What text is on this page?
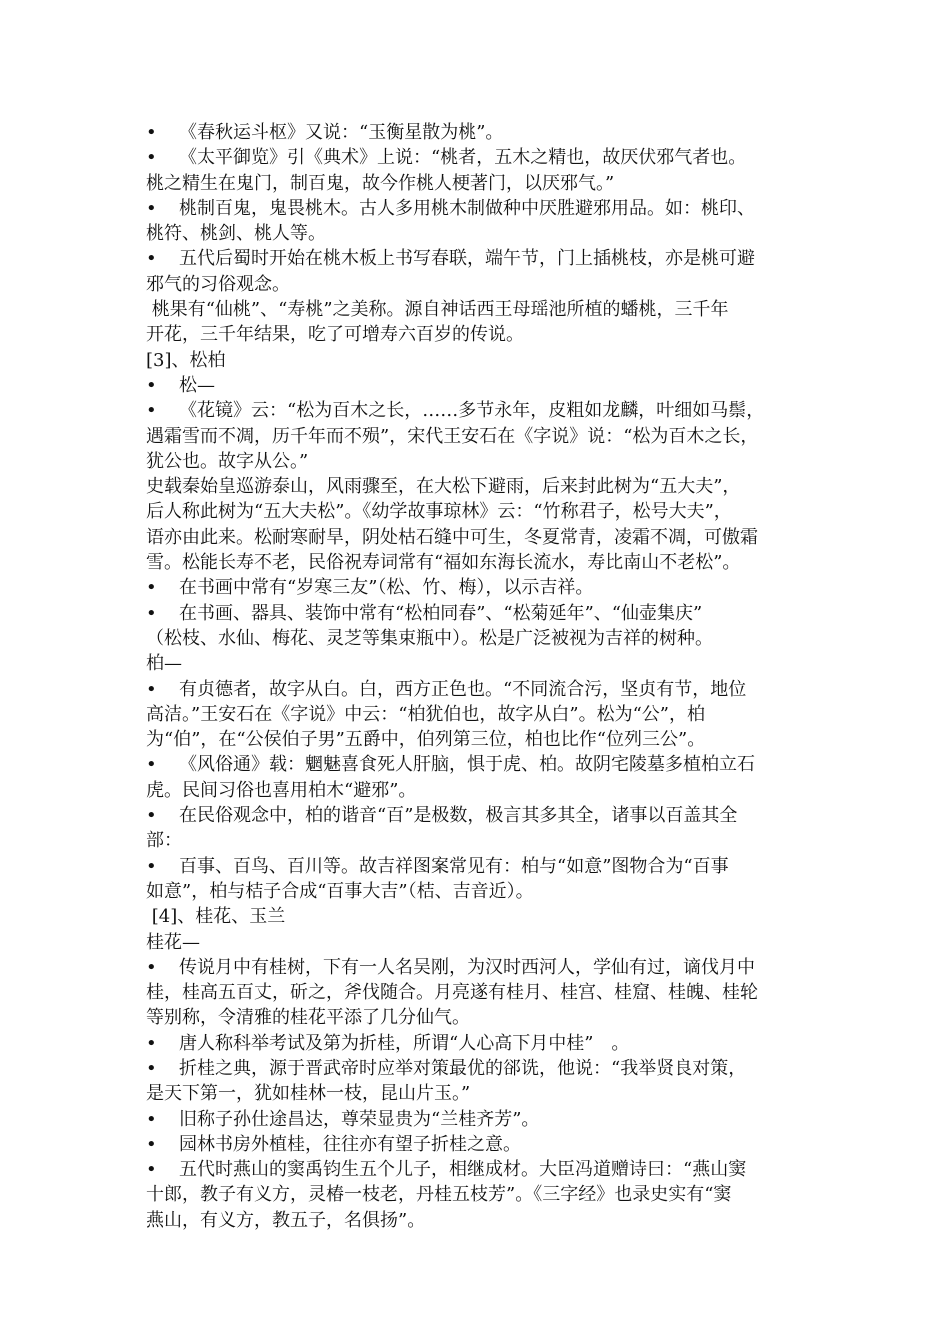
• 《春秋运斗枢》又说：“玉衡星散为桃”。
• 《太平御览》引《典术》上说：“桃者，五木之精也，故厌伏邪气者也。
桃之精生在鬼门，制百鬼，故今作桃人梗著门，以厌邪气。”
• 桃制百鬼，鬼畏桃木。古人多用桃木制做种中厌胜避邪用品。如：桃印、
桃符、桃剑、桃人等。
• 五代后蜀时开始在桃木板上书写春联，端午节，门上插桃枝，亦是桃可避
邪气的习俗观念。
桃果有“仙桃”、“寿桃”之美称。源自神话西王母瑶池所植的蟠桃，三千年
开花，三千年结果，吃了可增寿六百岁的传说。
[3]、松柏
• 松—
• 《花镜》云：“松为百木之长，……多节永年，皮粗如龙麟，叶细如马鬃，
遇霜雪而不凋，历千年而不殒”，宋代王安石在《字说》说：“松为百木之长，
犹公也。故字从公。”
史载秦始皇巡游泰山，风雨骤至，在大松下避雨，后来封此树为“五大夫”，
后人称此树为“五大夫松”。《幼学故事琼林》云：“竹称君子，松号大夫”，
语亦由此来。松耐寒耐旱，阴处枯石缝中可生，冬夏常青，凌霜不凋，可傲霜
雪。松能长寿不老，民俗祝寿词常有“福如东海长流水，寿比南山不老松”。
• 在书画中常有“岁寒三友”（松、竹、梅），以示吉祥。
• 在书画、器具、装饰中常有“松柏同春”、“松菊延年”、“仙壶集庆”
（松枝、水仙、梅花、灵芝等集束瓶中）。松是广泛被视为吉祥的树种。
柏—
• 有贞德者，故字从白。白，西方正色也。“不同流合污，坚贞有节，地位
高洁。”王安石在《字说》中云：“柏犹伯也，故字从白”。松为“公”，柏
为“伯”，在“公侯伯子男”五爵中，伯列第三位，柏也比作“位列三公”。
• 《风俗通》载：魍魅喜食死人肝脑，惧于虎、柏。故阴宅陵墓多植柏立石
虎。民间习俗也喜用柏木“避邪”。
• 在民俗观念中，柏的谐音“百”是极数，极言其多其全，诸事以百盖其全
部：
• 百事、百鸟、百川等。故吉祥图案常见有：柏与“如意”图物合为“百事
如意”，柏与桔子合成“百事大吉”（桔、吉音近）。
[4]、桂花、玉兰
桂花—
• 传说月中有桂树，下有一人名吴刚，为汉时西河人，学仙有过，谪伐月中
桂，桂高五百丈，斫之，斧伐随合。月亮遂有桂月、桂宫、桂窟、桂魄、桂轮
等别称，令清雅的桂花平添了几分仙气。
• 唐人称科举考试及第为折桂，所谓“人心高下月中桂”　。
• 折桂之典，源于晋武帝时应举对策最优的郤诜，他说：“我举贤良对策，
是天下第一，犹如桂林一枝，昆山片玉。”
• 旧称子孙仕途昌达，尊荣显贵为“兰桂齐芳”。
• 园林书房外植桂，往往亦有望子折桂之意。
• 五代时燕山的窦禹钧生五个儿子，相继成材。大臣冯道赠诗曰：“燕山窦
十郎，教子有义方，灵椿一枝老，丹桂五枝芳”。《三字经》也录史实有“窦
燕山，有义方，教五子，名俱扬”。
